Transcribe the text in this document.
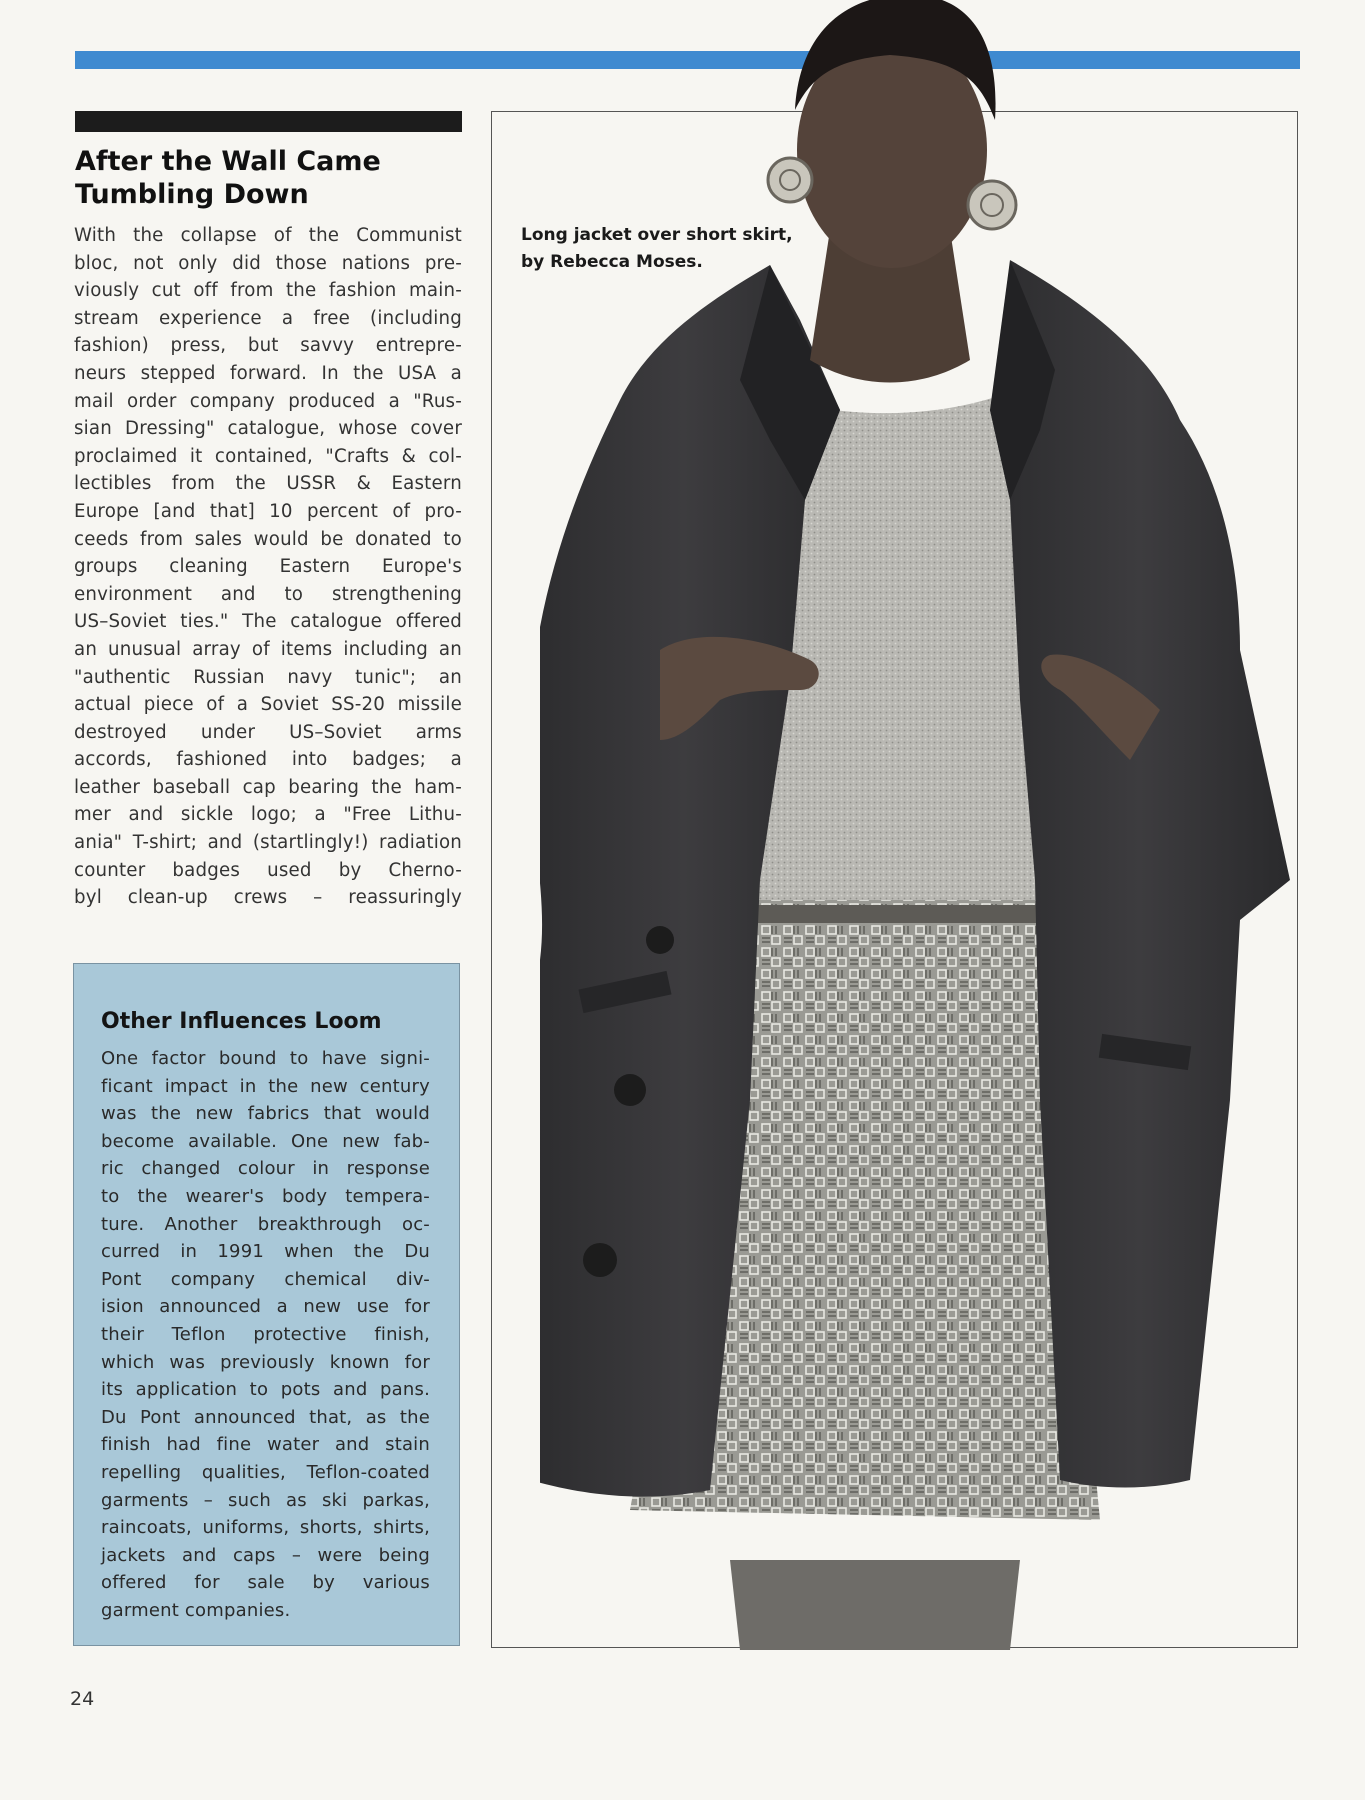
After the Wall Came
Tumbling Down
With the collapse of the Communist
bloc, not only did those nations pre-
viously cut off from the fashion main-
stream experience a free (including
fashion) press, but savvy entrepre-
neurs stepped forward. In the USA a
mail order company produced a "Rus-
sian Dressing" catalogue, whose cover
proclaimed it contained, "Crafts & col-
lectibles from the USSR & Eastern
Europe [and that] 10 percent of pro-
ceeds from sales would be donated to
groups cleaning Eastern Europe's
environment and to strengthening
US–Soviet ties." The catalogue offered
an unusual array of items including an
"authentic Russian navy tunic"; an
actual piece of a Soviet SS-20 missile
destroyed under US–Soviet arms
accords, fashioned into badges; a
leather baseball cap bearing the ham-
mer and sickle logo; a "Free Lithu-
ania" T-shirt; and (startlingly!) radiation
counter badges used by Cherno-
byl clean-up crews – reassuringly
Other Influences Loom
One factor bound to have signi-
ficant impact in the new century
was the new fabrics that would
become available. One new fab-
ric changed colour in response
to the wearer's body tempera-
ture. Another breakthrough oc-
curred in 1991 when the Du
Pont company chemical div-
ision announced a new use for
their Teflon protective finish,
which was previously known for
its application to pots and pans.
Du Pont announced that, as the
finish had fine water and stain
repelling qualities, Teflon-coated
garments – such as ski parkas,
raincoats, uniforms, shorts, shirts,
jackets and caps – were being
offered for sale by various
garment companies.
Long jacket over short skirt,
by Rebecca Moses.
24
